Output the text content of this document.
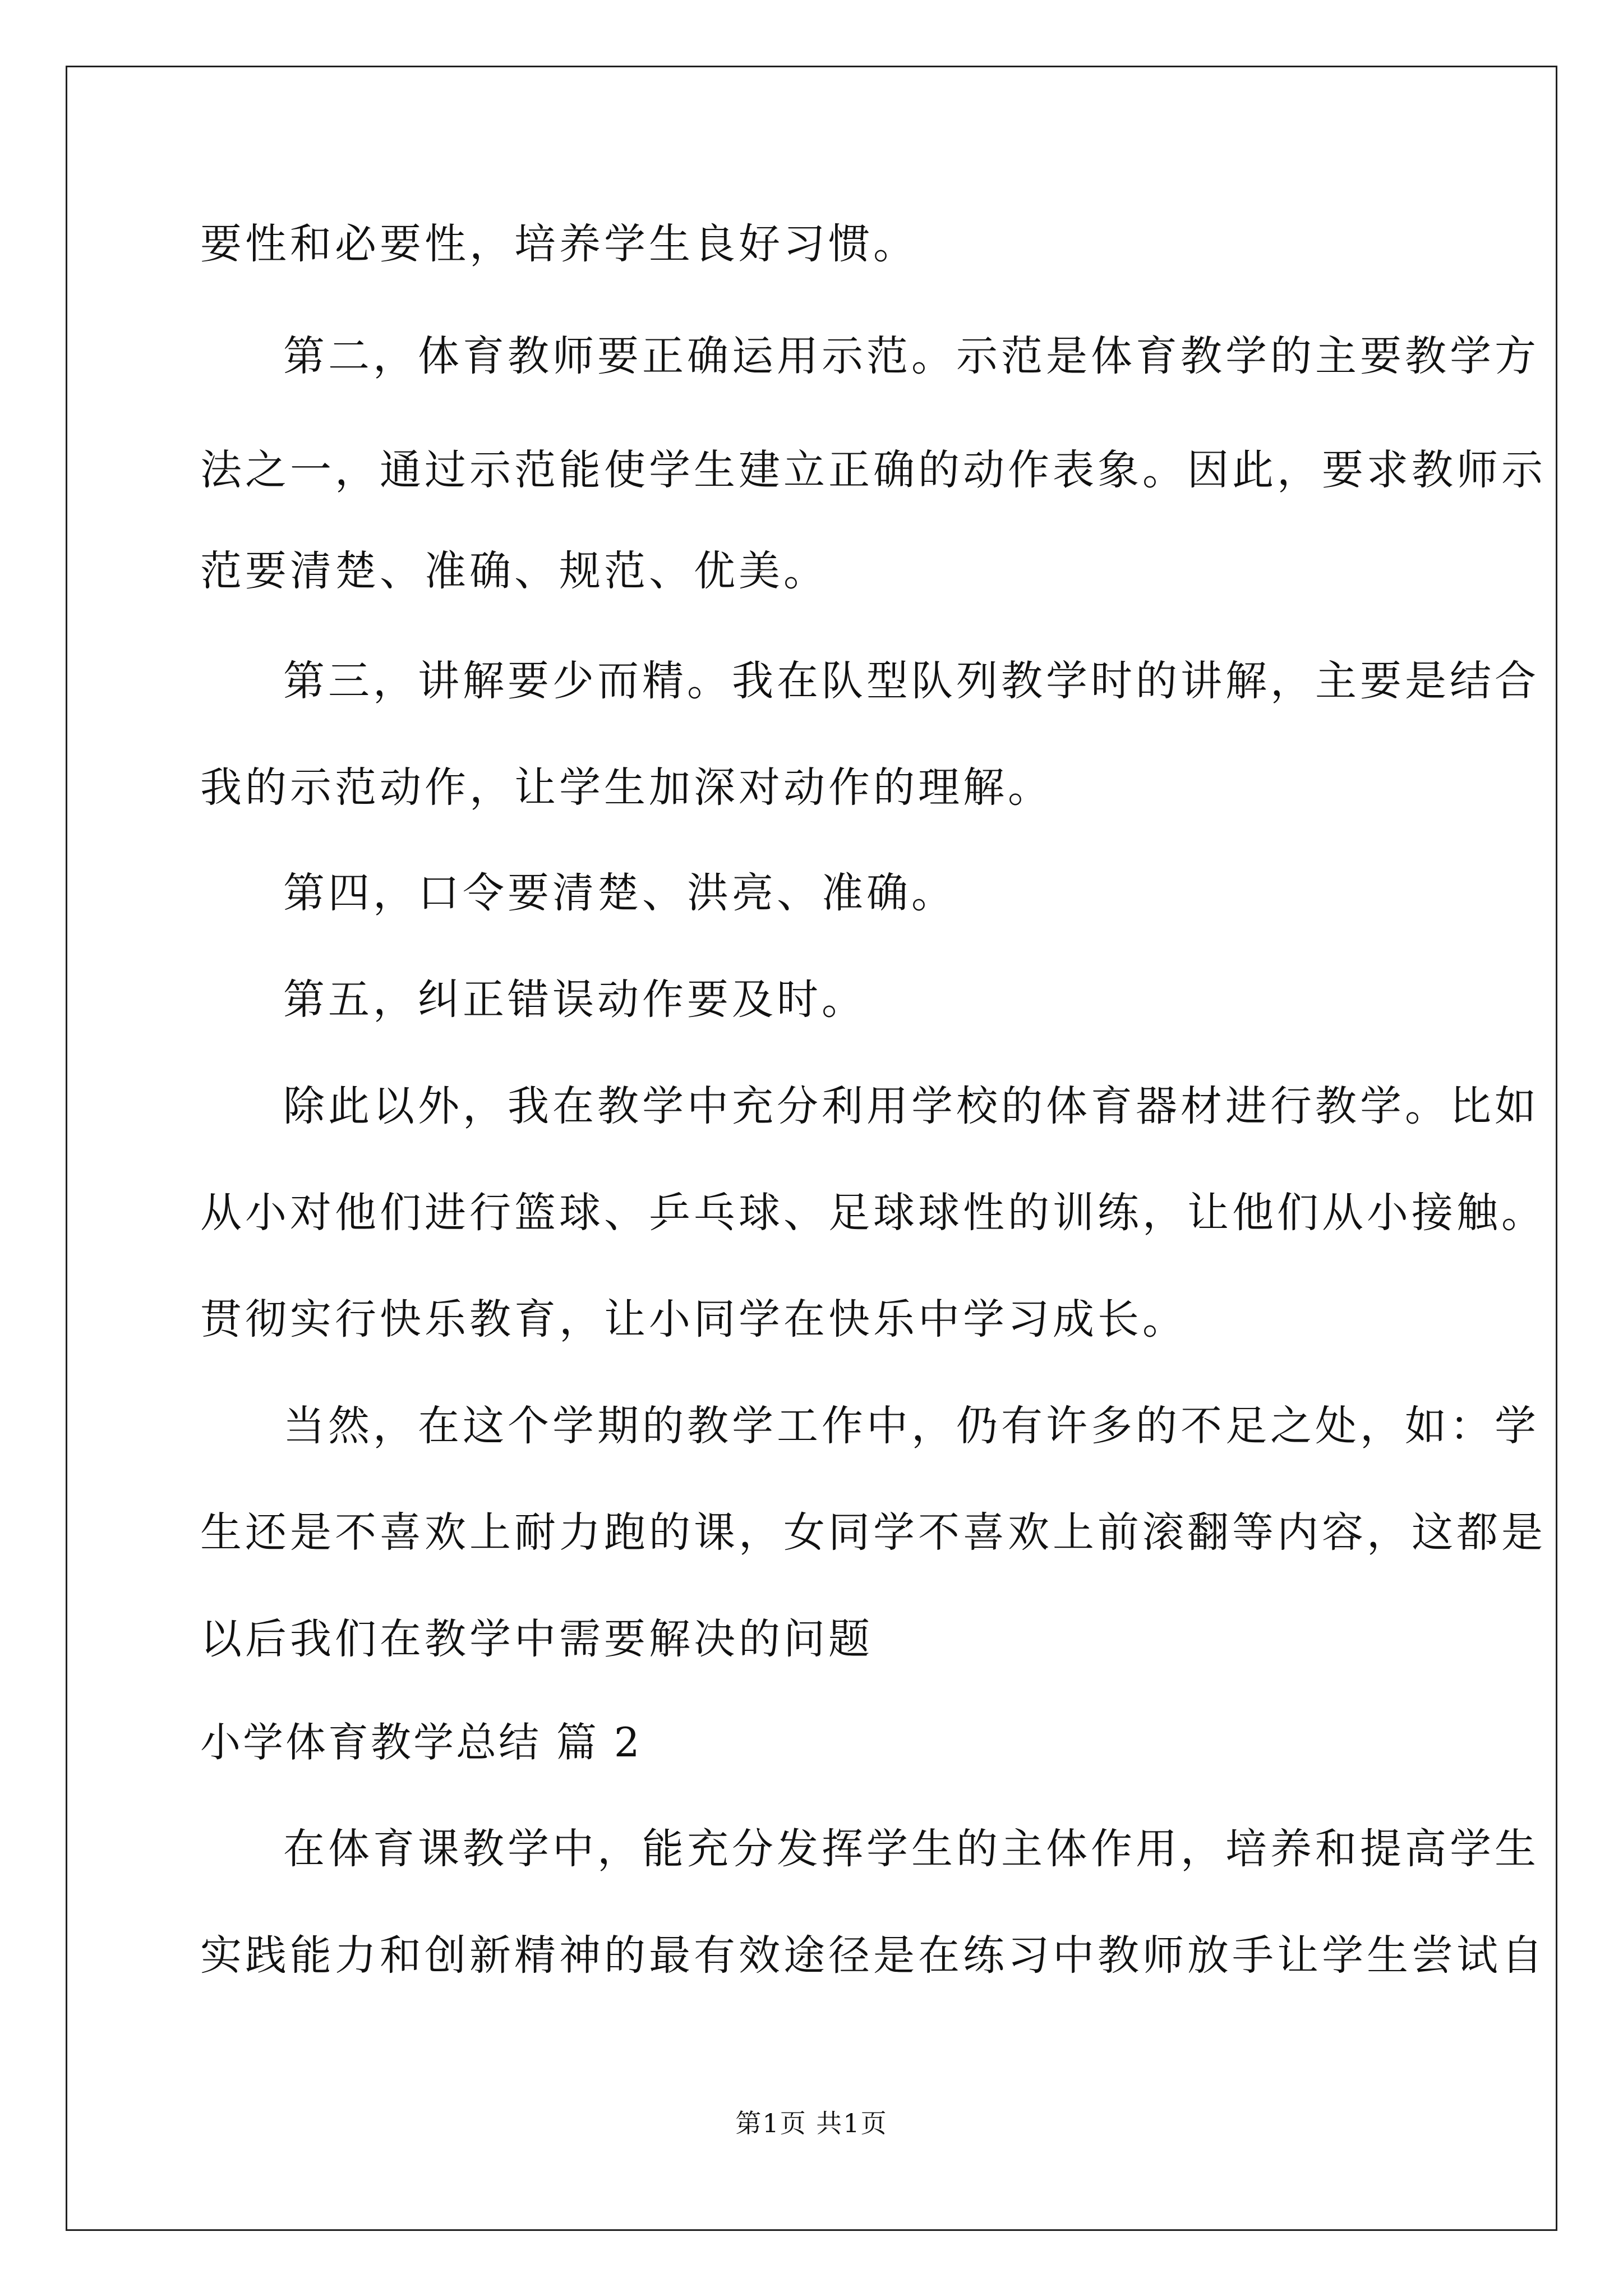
要性和必要性，培养学生良好习惯。
第二，体育教师要正确运用示范。示范是体育教学的主要教学方
法之一，通过示范能使学生建立正确的动作表象。因此，要求教师示
范要清楚、准确、规范、优美。
第三，讲解要少而精。我在队型队列教学时的讲解，主要是结合
我的示范动作，让学生加深对动作的理解。
第四，口令要清楚、洪亮、准确。
第五，纠正错误动作要及时。
除此以外，我在教学中充分利用学校的体育器材进行教学。比如
从小对他们进行篮球、乒乓球、足球球性的训练，让他们从小接触。
贯彻实行快乐教育，让小同学在快乐中学习成长。
当然，在这个学期的教学工作中，仍有许多的不足之处，如：学
生还是不喜欢上耐力跑的课，女同学不喜欢上前滚翻等内容，这都是
以后我们在教学中需要解决的问题
小学体育教学总结 篇 2
在体育课教学中，能充分发挥学生的主体作用，培养和提高学生
实践能力和创新精神的最有效途径是在练习中教师放手让学生尝试自
第1页 共1页
